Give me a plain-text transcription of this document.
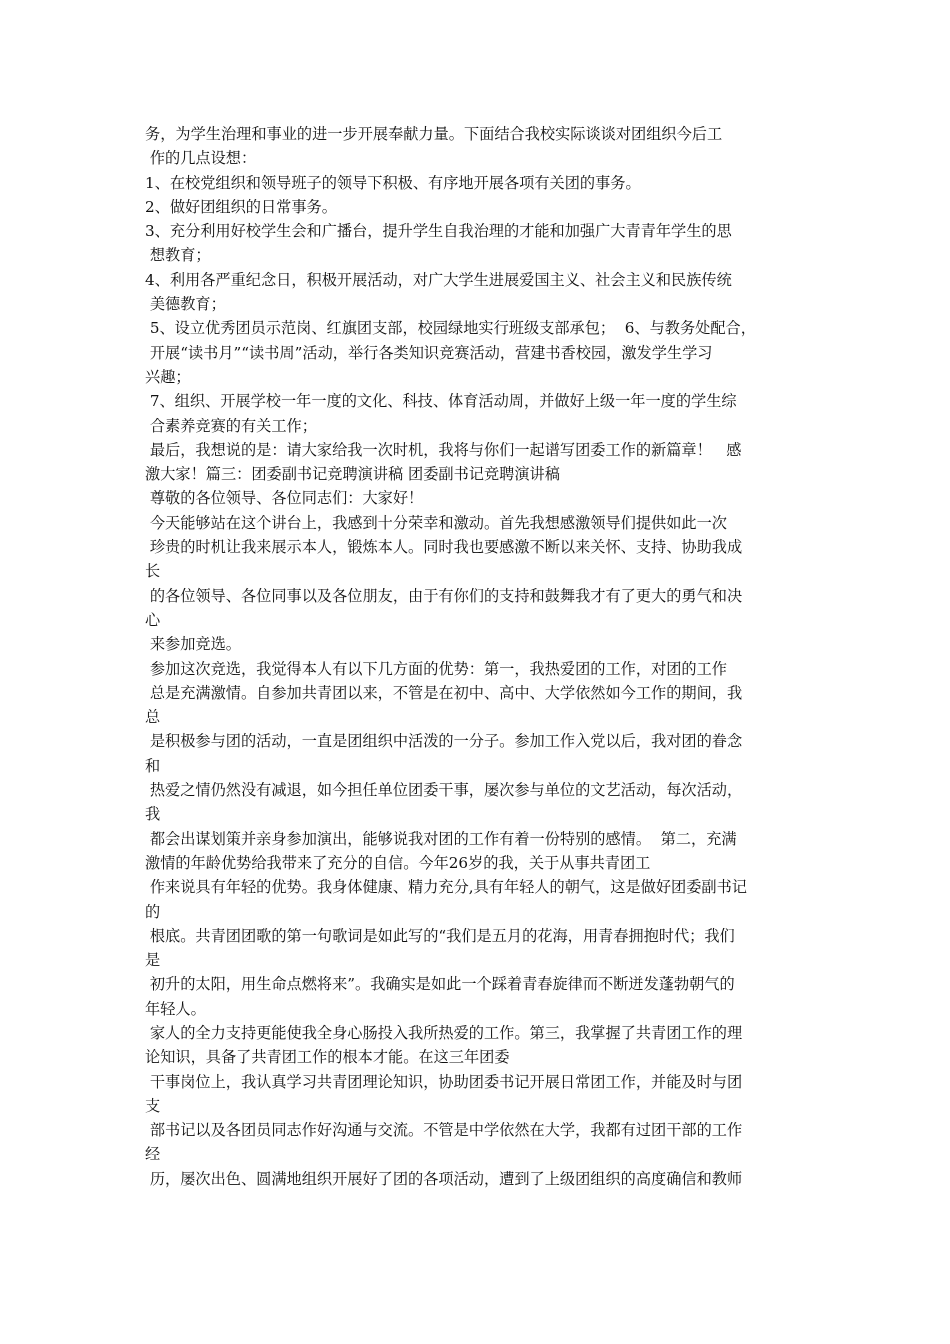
务，为学生治理和事业的进一步开展奉献力量。下面结合我校实际谈谈对团组织今后工
作的几点设想：
1、在校党组织和领导班子的领导下积极、有序地开展各项有关团的事务。
2、做好团组织的日常事务。
3、充分利用好校学生会和广播台，提升学生自我治理的才能和加强广大青青年学生的思
想教育；
4、利用各严重纪念日，积极开展活动，对广大学生进展爱国主义、社会主义和民族传统
美德教育；
5、设立优秀团员示范岗、红旗团支部，校园绿地实行班级支部承包；  6、与教务处配合，
开展“读书月”“读书周”活动，举行各类知识竞赛活动，营建书香校园，激发学生学习
兴趣；
7、组织、开展学校一年一度的文化、科技、体育活动周，并做好上级一年一度的学生综
合素养竞赛的有关工作；
最后，我想说的是：请大家给我一次时机，我将与你们一起谱写团委工作的新篇章！   感
激大家！篇三：团委副书记竞聘演讲稿 团委副书记竞聘演讲稿
尊敬的各位领导、各位同志们：大家好！
今天能够站在这个讲台上，我感到十分荣幸和激动。首先我想感激领导们提供如此一次
珍贵的时机让我来展示本人，锻炼本人。同时我也要感激不断以来关怀、支持、协助我成
长
的各位领导、各位同事以及各位朋友，由于有你们的支持和鼓舞我才有了更大的勇气和决
心
来参加竞选。
参加这次竞选，我觉得本人有以下几方面的优势：第一，我热爱团的工作，对团的工作
总是充满激情。自参加共青团以来，不管是在初中、高中、大学依然如今工作的期间，我
总
是积极参与团的活动，一直是团组织中活泼的一分子。参加工作入党以后，我对团的眷念
和
热爱之情仍然没有减退，如今担任单位团委干事，屡次参与单位的文艺活动，每次活动，
我
都会出谋划策并亲身参加演出，能够说我对团的工作有着一份特别的感情。  第二，充满
激情的年龄优势给我带来了充分的自信。今年26岁的我，关于从事共青团工
作来说具有年轻的优势。我身体健康、精力充分,具有年轻人的朝气，这是做好团委副书记
的
根底。共青团团歌的第一句歌词是如此写的“我们是五月的花海，用青春拥抱时代；我们
是
初升的太阳，用生命点燃将来”。我确实是如此一个踩着青春旋律而不断迸发蓬勃朝气的
年轻人。
家人的全力支持更能使我全身心肠投入我所热爱的工作。第三，我掌握了共青团工作的理
论知识，具备了共青团工作的根本才能。在这三年团委
干事岗位上，我认真学习共青团理论知识，协助团委书记开展日常团工作，并能及时与团
支
部书记以及各团员同志作好沟通与交流。不管是中学依然在大学，我都有过团干部的工作
经
历，屡次出色、圆满地组织开展好了团的各项活动，遭到了上级团组织的高度确信和教师
